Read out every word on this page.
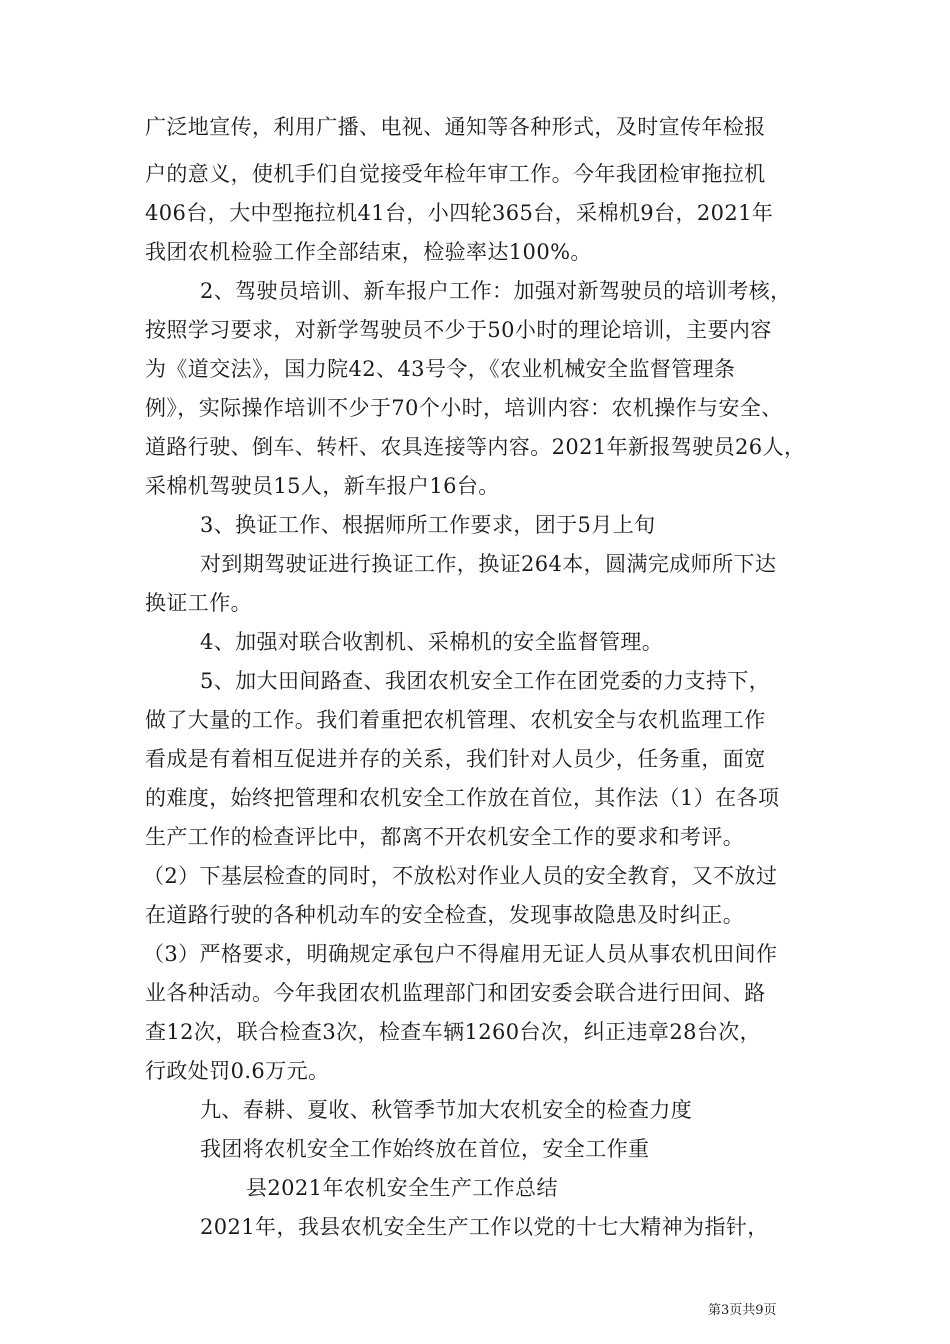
广泛地宣传，利用广播、电视、通知等各种形式，及时宣传年检报
户的意义，使机手们自觉接受年检年审工作。今年我团检审拖拉机
406台，大中型拖拉机41台，小四轮365台，采棉机9台，2021年
我团农机检验工作全部结束，检验率达100%。
2、驾驶员培训、新车报户工作：加强对新驾驶员的培训考核，
按照学习要求，对新学驾驶员不少于50小时的理论培训，主要内容
为《道交法》，国力院42、43号令，《农业机械安全监督管理条
例》，实际操作培训不少于70个小时，培训内容：农机操作与安全、
道路行驶、倒车、转杆、农具连接等内容。2021年新报驾驶员26人，
采棉机驾驶员15人，新车报户16台。
3、换证工作、根据师所工作要求，团于5月上旬
对到期驾驶证进行换证工作，换证264本，圆满完成师所下达
换证工作。
4、加强对联合收割机、采棉机的安全监督管理。
5、加大田间路查、我团农机安全工作在团党委的力支持下，
做了大量的工作。我们着重把农机管理、农机安全与农机监理工作
看成是有着相互促进并存的关系，我们针对人员少，任务重，面宽
的难度，始终把管理和农机安全工作放在首位，其作法（1）在各项
生产工作的检查评比中，都离不开农机安全工作的要求和考评。
（2）下基层检查的同时，不放松对作业人员的安全教育，又不放过
在道路行驶的各种机动车的安全检查，发现事故隐患及时纠正。
（3）严格要求，明确规定承包户不得雇用无证人员从事农机田间作
业各种活动。今年我团农机监理部门和团安委会联合进行田间、路
查12次，联合检查3次，检查车辆1260台次，纠正违章28台次，
行政处罚0.6万元。
九、春耕、夏收、秋管季节加大农机安全的检查力度
我团将农机安全工作始终放在首位，安全工作重
县2021年农机安全生产工作总结
2021年，我县农机安全生产工作以党的十七大精神为指针，
第3页共9页
